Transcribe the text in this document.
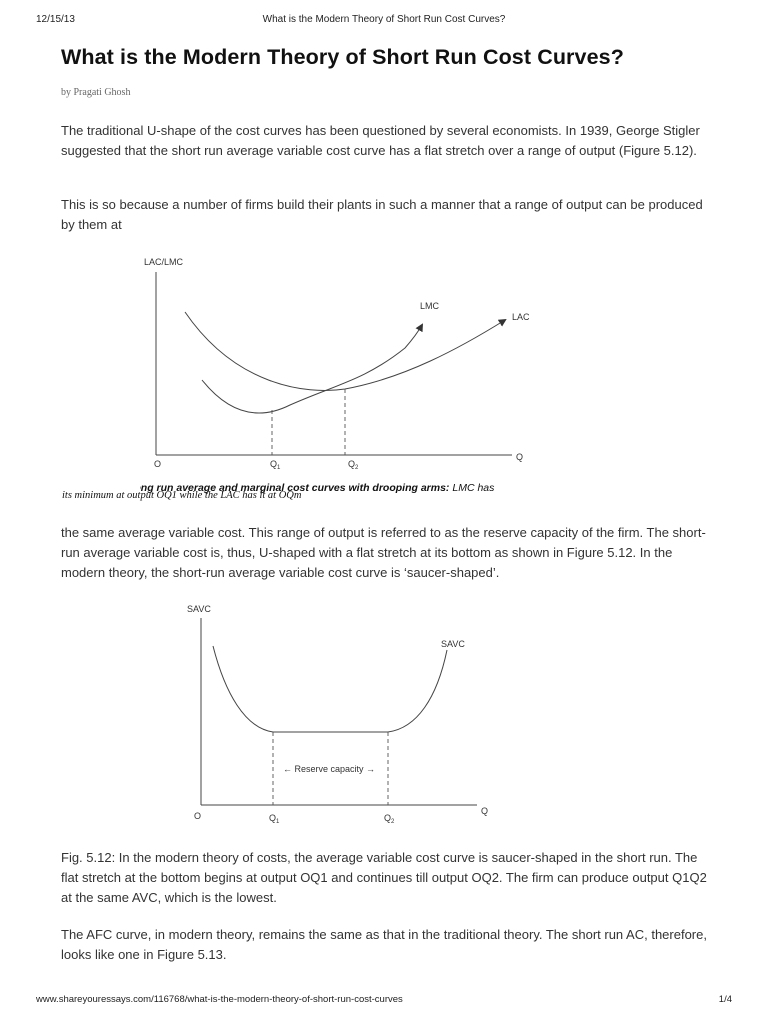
12/15/13	What is the Modern Theory of Short Run Cost Curves?
What is the Modern Theory of Short Run Cost Curves?
by Pragati Ghosh

The traditional U-shape of the cost curves has been questioned by several economists. In 1939, George Stigler suggested that the short run average variable cost curve has a flat stretch over a range of output (Figure 5.12).

This is so because a number of firms build their plants in such a manner that a range of output can be produced by them at

the same average variable cost. This range of output is referred to as the reserve capacity of the firm. The short-run average variable cost is, thus, U-shaped with a flat stretch at its bottom as shown in Figure 5.12. In the modern theory, the short-run average variable cost curve is ‘saucer-shaped’.

Fig. 5.12: In the modern theory of costs, the average variable cost curve is saucer-shaped in the short run. The flat stretch at the bottom begins at output OQ1 and continues till output OQ2. The firm can produce output Q1Q2 at the same AVC, which is the lowest.

The AFC curve, in modern theory, remains the same as that in the traditional theory. The short run AC, therefore, looks like one in Figure 5.13.

LAC/LMC
Q
O
LMC
LAC
$Q_1$	$Q_2$
The long run average and marginal cost curves with drooping arms: LMC has
its minimum at output OQ1 while the LAC has it at OQm
SAVC
Q
O
SAVC
← Reserve capacity →
$Q_1$	$Q_2$
www.shareyouressays.com/116768/what-is-the-modern-theory-of-short-run-cost-curves	1/4
